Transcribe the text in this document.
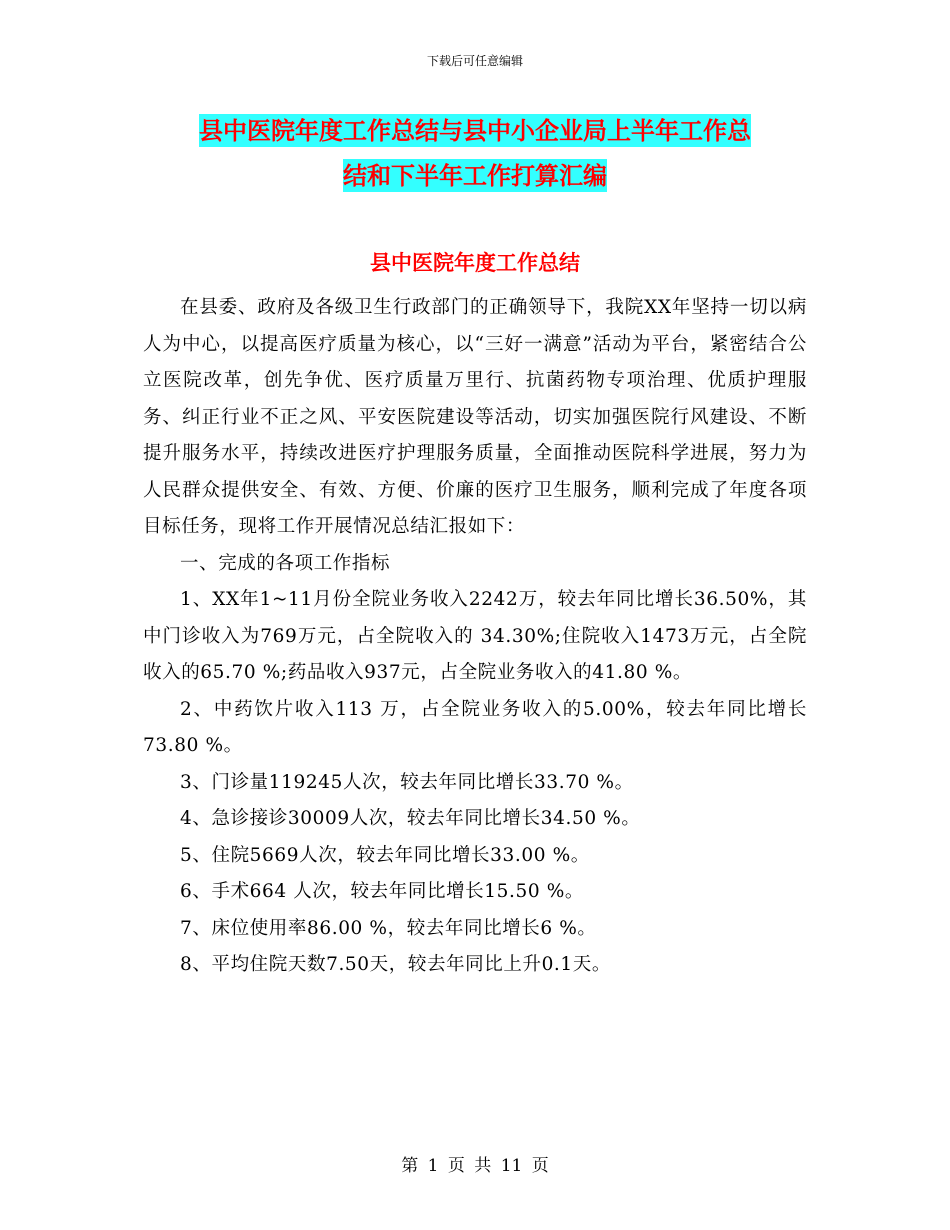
下载后可任意编辑
县中医院年度工作总结与县中小企业局上半年工作总
结和下半年工作打算汇编
县中医院年度工作总结

在县委、政府及各级卫生行政部门的正确领导下，我院XX年坚持一切以病人为中心，以提高医疗质量为核心，以“三好一满意”活动为平台，紧密结合公立医院改革，创先争优、医疗质量万里行、抗菌药物专项治理、优质护理服务、纠正行业不正之风、平安医院建设等活动，切实加强医院行风建设、不断提升服务水平，持续改进医疗护理服务质量，全面推动医院科学进展，努力为人民群众提供安全、有效、方便、价廉的医疗卫生服务，顺利完成了年度各项目标任务，现将工作开展情况总结汇报如下：

一、完成的各项工作指标

1、XX年1~11月份全院业务收入2242万，较去年同比增长36.50%，其中门诊收入为769万元，占全院收入的 34.30%;住院收入1473万元，占全院收入的65.70 %;药品收入937元，占全院业务收入的41.80 %。

2、中药饮片收入113 万，占全院业务收入的5.00%，较去年同比增长73.80 %。

3、门诊量119245人次，较去年同比增长33.70 %。

4、急诊接诊30009人次，较去年同比增长34.50 %。

5、住院5669人次，较去年同比增长33.00 %。

6、手术664 人次，较去年同比增长15.50 %。

7、床位使用率86.00 %，较去年同比增长6 %。

8、平均住院天数7.50天，较去年同比上升0.1天。

第 1 页 共 11 页
